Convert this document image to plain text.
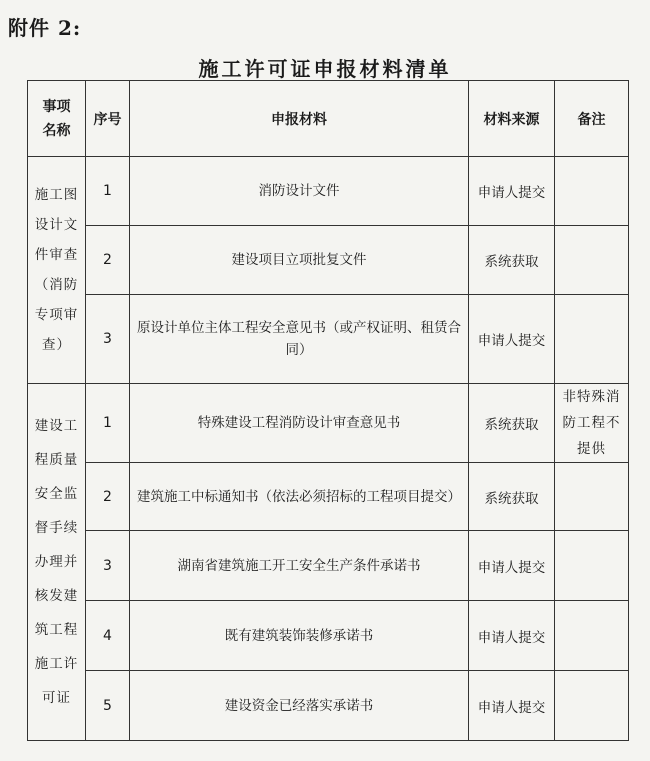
附件 2:
施工许可证申报材料清单
事项名称	序号	申报材料	材料来源	备注

施工图设计文件审查（消防专项审查）	1	消防设计文件	申请人提交	
	2	建设项目立项批复文件	系统获取	
	3	原设计单位主体工程安全意见书（或产权证明、租赁合同）	申请人提交	

建设工程质量安全监督手续办理并核发建筑工程施工许可证	1	特殊建设工程消防设计审查意见书	系统获取	非特殊消防工程不提供
	2	建筑施工中标通知书（依法必须招标的工程项目提交）	系统获取	
	3	湖南省建筑施工开工安全生产条件承诺书	申请人提交	
	4	既有建筑装饰装修承诺书	申请人提交	
	5	建设资金已经落实承诺书	申请人提交	
